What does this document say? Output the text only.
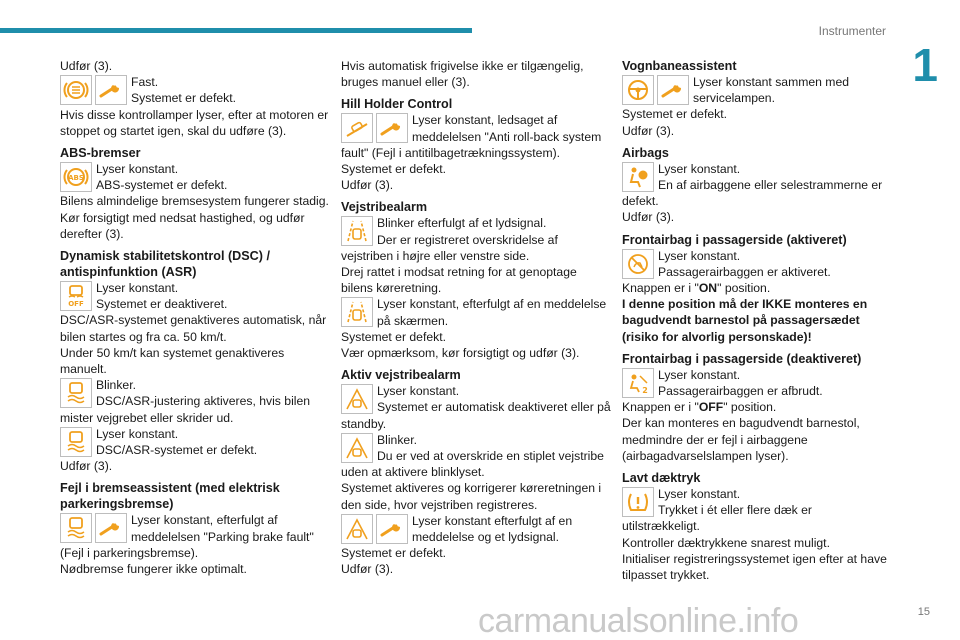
Instrumenter
1
Udfør (3).
Fast.
Systemet er defekt.
Hvis disse kontrollamper lyser, efter at motoren er stoppet og startet igen, skal du udføre (3).
ABS-bremser
ABS
Lyser konstant.
ABS-systemet er defekt.
Bilens almindelige bremsesystem fungerer stadig.
Kør forsigtigt med nedsat hastighed, og udfør derefter (3).
Dynamisk stabilitetskontrol (DSC) / antispinfunktion (ASR)
OFF
Lyser konstant.
Systemet er deaktiveret.
DSC/ASR-systemet genaktiveres automatisk, når bilen startes og fra ca. 50 km/t.
Under 50 km/t kan systemet genaktiveres manuelt.
Blinker.
DSC/ASR-justering aktiveres, hvis bilen mister vejgrebet eller skrider ud.
Lyser konstant.
DSC/ASR-systemet er defekt.
Udfør (3).
Fejl i bremseassistent (med elektrisk parkeringsbremse)
Lyser konstant, efterfulgt af meddelelsen "Parking brake fault" (Fejl i parkeringsbremse).
Nødbremse fungerer ikke optimalt.
Hvis automatisk frigivelse ikke er tilgængelig, bruges manuel eller (3).
Hill Holder Control
Lyser konstant, ledsaget af meddelelsen "Anti roll-back system fault" (Fejl i antitilbagetrækningssystem).
Systemet er defekt.
Udfør (3).
Vejstribealarm
Blinker efterfulgt af et lydsignal.
Der er registreret overskridelse af vejstriben i højre eller venstre side.
Drej rattet i modsat retning for at genoptage bilens køreretning.
Lyser konstant, efterfulgt af en meddelelse på skærmen.
Systemet er defekt.
Vær opmærksom, kør forsigtigt og udfør (3).
Aktiv vejstribealarm
Lyser konstant.
Systemet er automatisk deaktiveret eller på standby.
Blinker.
Du er ved at overskride en stiplet vejstribe uden at aktivere blinklyset.
Systemet aktiveres og korrigerer køreretningen i den side, hvor vejstriben registreres.
Lyser konstant efterfulgt af en meddelelse og et lydsignal.
Systemet er defekt.
Udfør (3).
Vognbaneassistent
Lyser konstant sammen med servicelampen.
Systemet er defekt.
Udfør (3).
Airbags
Lyser konstant.
En af airbaggene eller selestrammerne er defekt.
Udfør (3).
Frontairbag i passagerside (aktiveret)
Lyser konstant.
Passagerairbaggen er aktiveret.
Knappen er i "ON" position.
I denne position må der IKKE monteres en bagudvendt barnestol på passagersædet (risiko for alvorlig personskade)!
Frontairbag i passagerside (deaktiveret)
2
Lyser konstant.
Passagerairbaggen er afbrudt.
Knappen er i "OFF" position.
Der kan monteres en bagudvendt barnestol, medmindre der er fejl i airbaggene (airbagadvarselslampen lyser).
Lavt dæktryk
Lyser konstant.
Trykket i ét eller flere dæk er utilstrækkeligt.
Kontroller dæktrykkene snarest muligt.
Initialiser registreringssystemet igen efter at have tilpasset trykket.
carmanualsonline.info	15
